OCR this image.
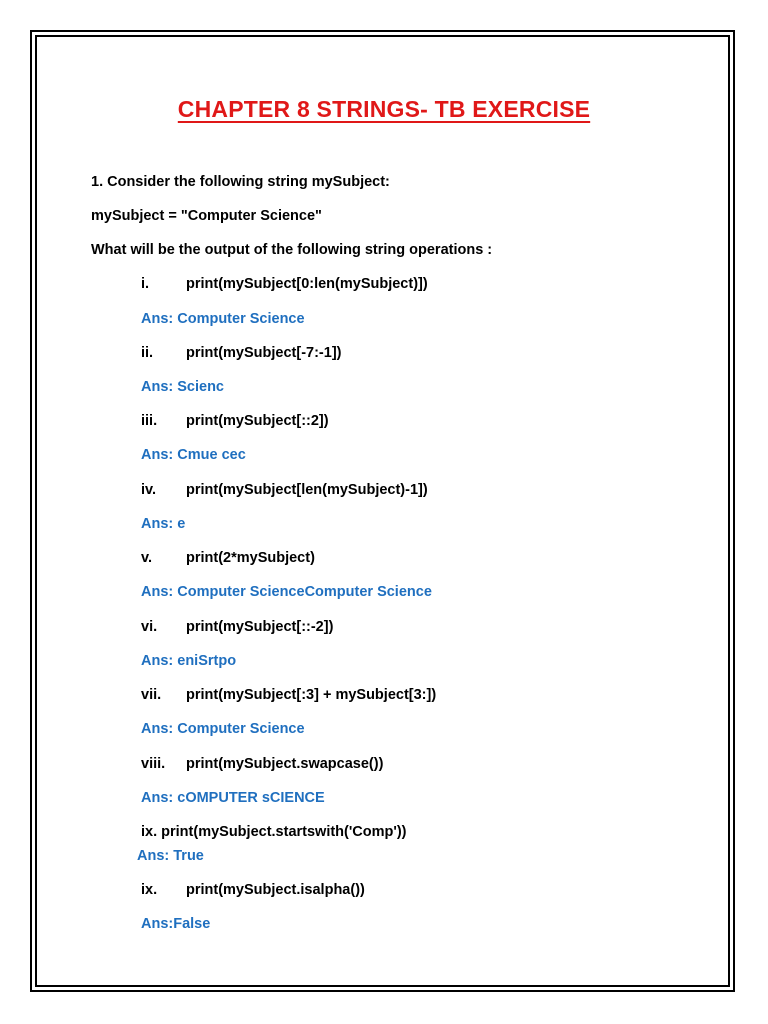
CHAPTER 8 STRINGS- TB EXERCISE
1. Consider the following string mySubject:
mySubject = "Computer Science"
What will be the output of the following string operations :
i.	print(mySubject[0:len(mySubject)])
Ans: Computer Science
ii. print(mySubject[-7:-1])
Ans: Scienc
iii. print(mySubject[::2])
Ans: Cmue cec
iv. print(mySubject[len(mySubject)-1])
Ans: e
v. print(2*mySubject)
Ans: Computer ScienceComputer Science
vi. print(mySubject[::-2])
Ans: eniSrtpo
vii. print(mySubject[:3] + mySubject[3:])
Ans: Computer Science
viii. print(mySubject.swapcase())
Ans: cOMPUTER sCIENCE
ix. print(mySubject.startswith('Comp'))
Ans: True
ix. print(mySubject.isalpha())
Ans:False
